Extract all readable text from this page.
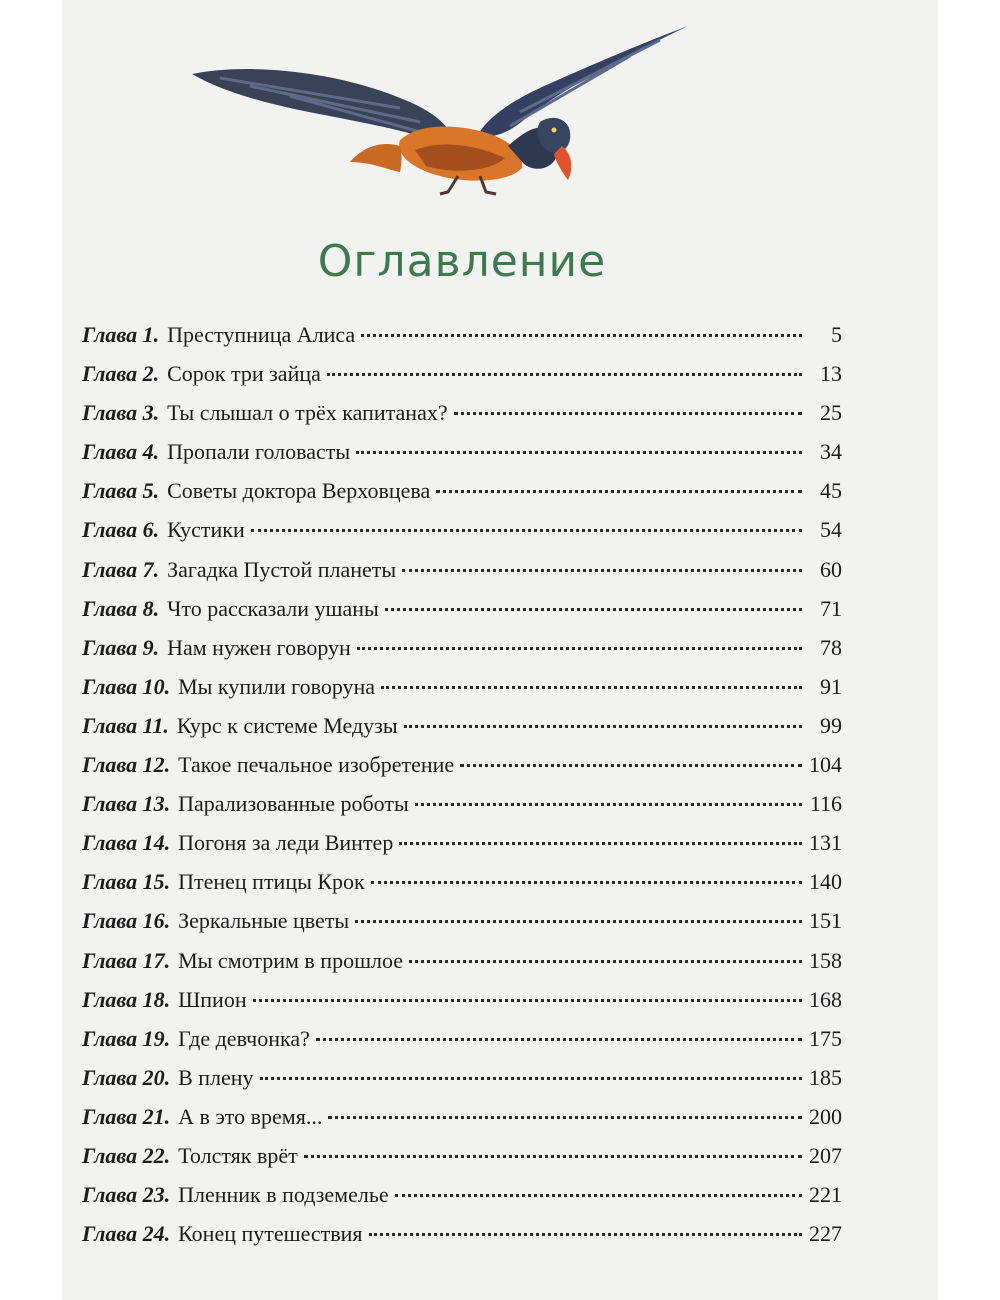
Оглавление
Глава 1. Преступница Алиса	5
Глава 2. Сорок три зайца	13
Глава 3. Ты слышал о трёх капитанах?	25
Глава 4. Пропали головасты	34
Глава 5. Советы доктора Верховцева	45
Глава 6. Кустики	54
Глава 7. Загадка Пустой планеты	60
Глава 8. Что рассказали ушаны	71
Глава 9. Нам нужен говорун	78
Глава 10. Мы купили говоруна	91
Глава 11. Курс к системе Медузы	99
Глава 12. Такое печальное изобретение	104
Глава 13. Парализованные роботы	116
Глава 14. Погоня за леди Винтер	131
Глава 15. Птенец птицы Крок	140
Глава 16. Зеркальные цветы	151
Глава 17. Мы смотрим в прошлое	158
Глава 18. Шпион	168
Глава 19. Где девчонка?	175
Глава 20. В плену	185
Глава 21. А в это время...	200
Глава 22. Толстяк врёт	207
Глава 23. Пленник в подземелье	221
Глава 24. Конец путешествия	227
